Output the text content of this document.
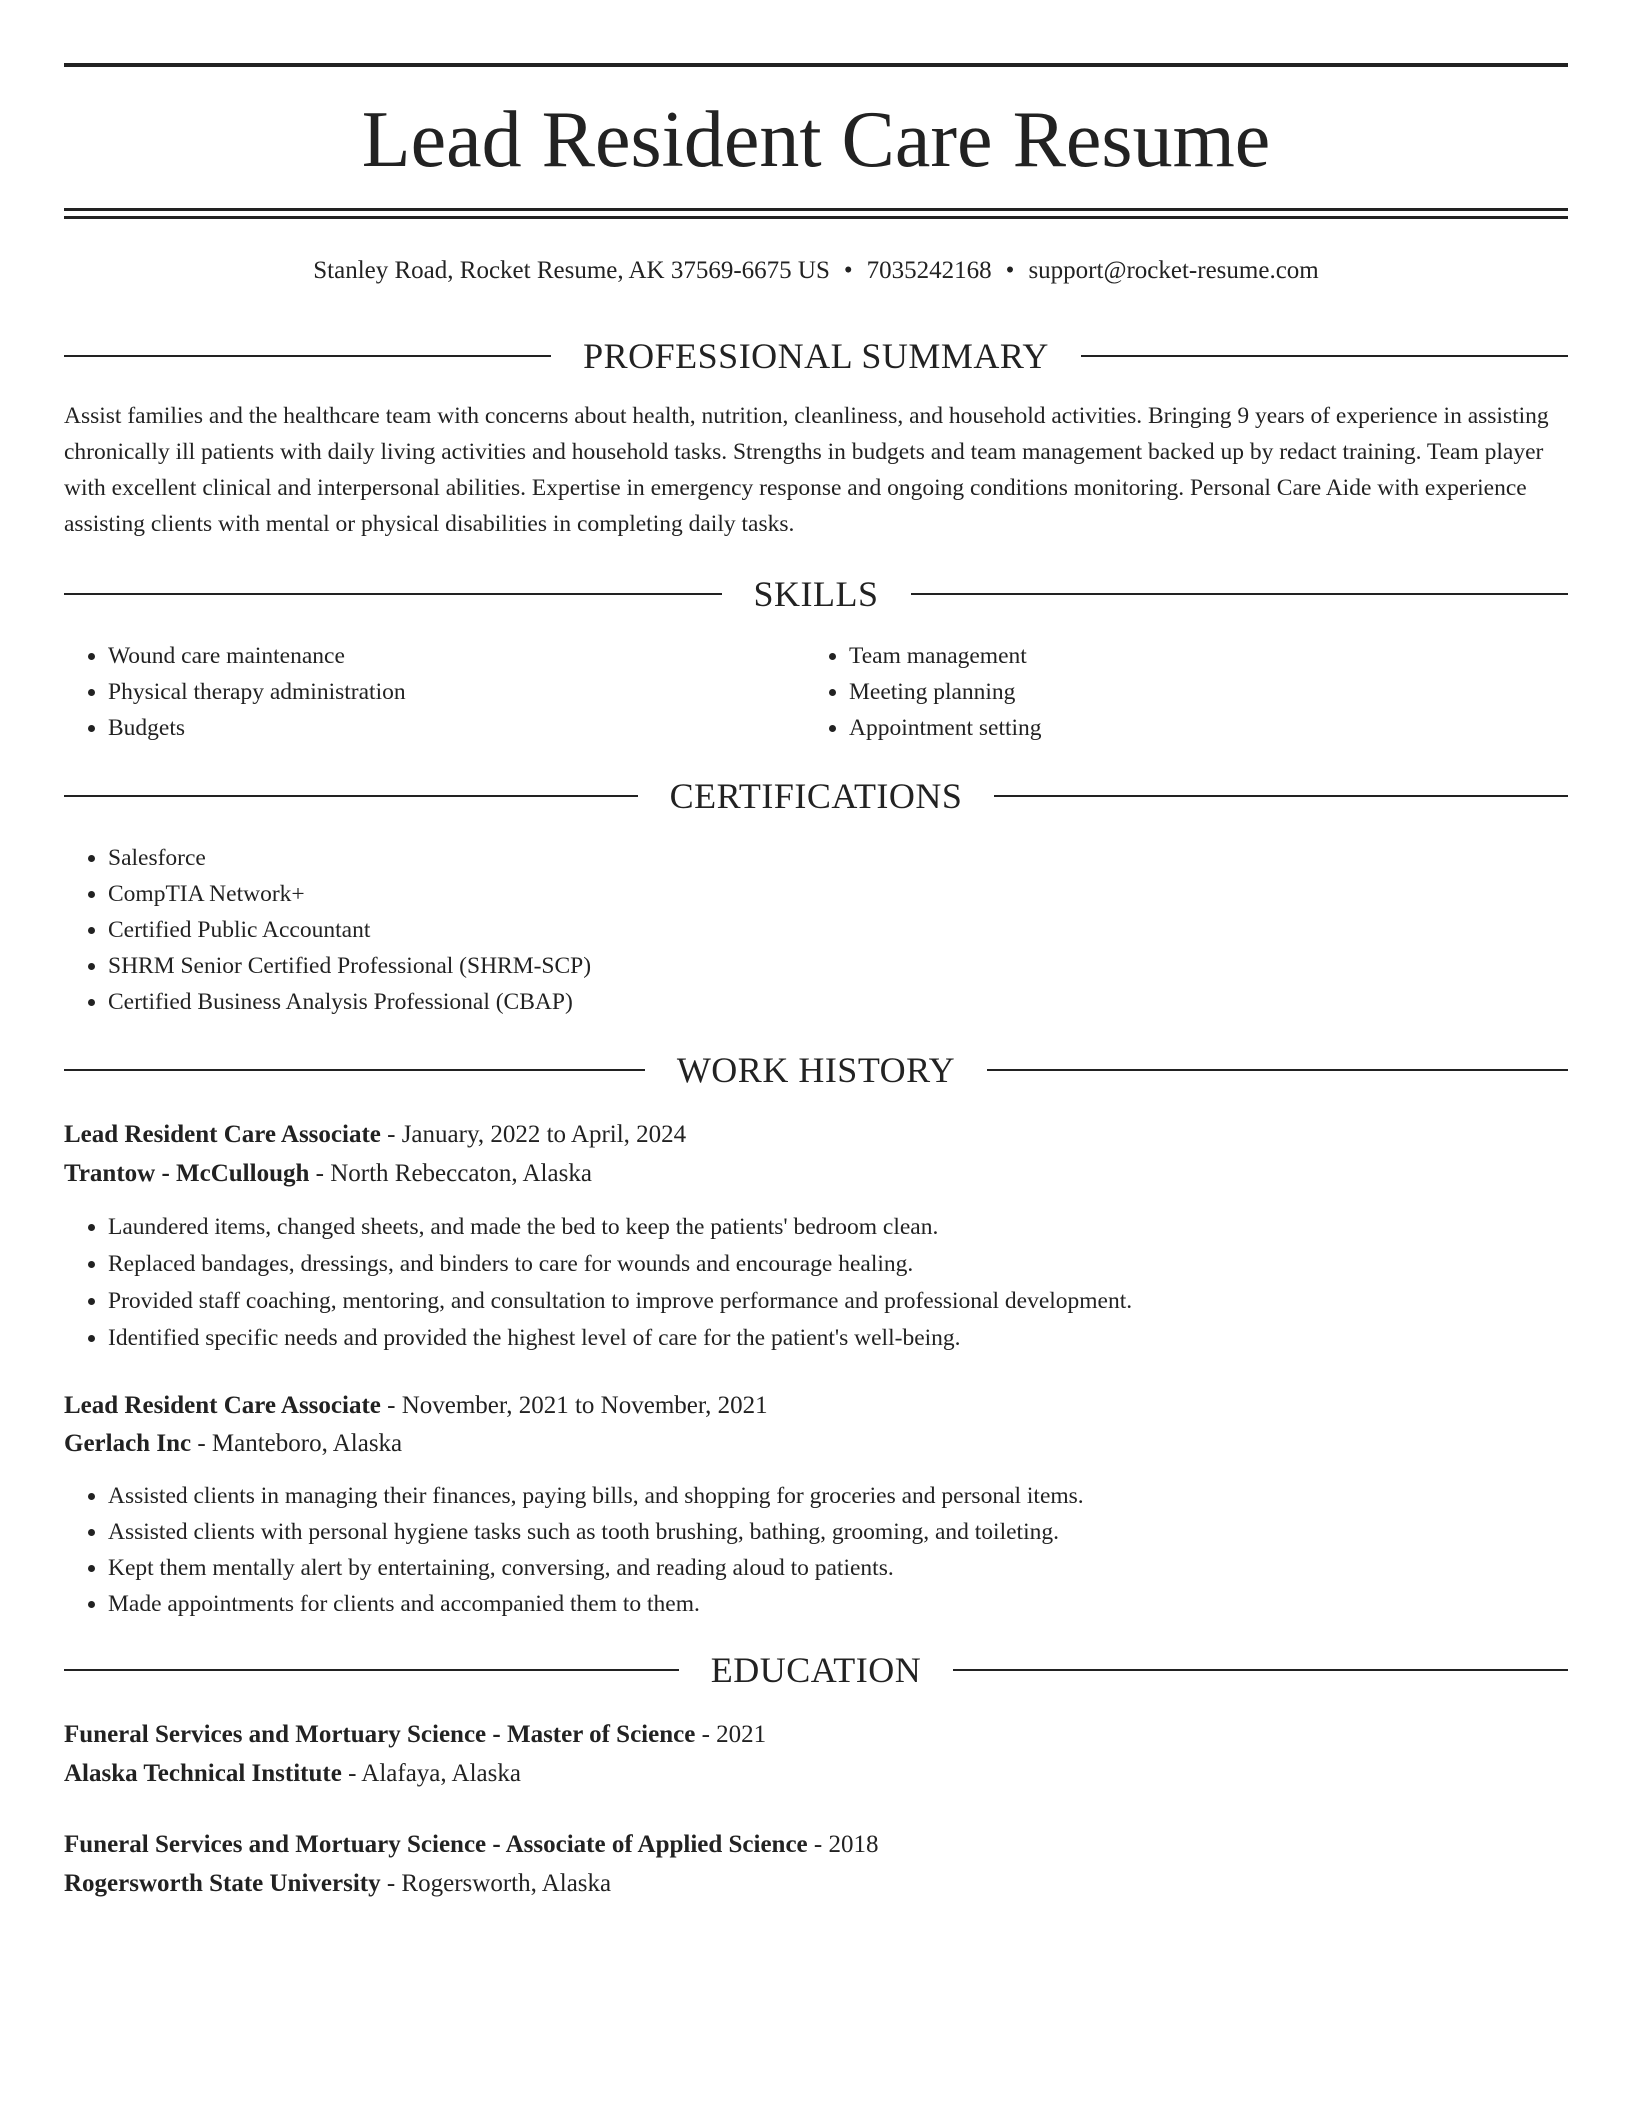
Lead Resident Care Resume
Stanley Road, Rocket Resume, AK 37569-6675 US • 7035242168 • support@rocket-resume.com
PROFESSIONAL SUMMARY

Assist families and the healthcare team with concerns about health, nutrition, cleanliness, and household activities. Bringing 9 years of experience in assisting chronically ill patients with daily living activities and household tasks. Strengths in budgets and team management backed up by redact training. Team player with excellent clinical and interpersonal abilities. Expertise in emergency response and ongoing conditions monitoring. Personal Care Aide with experience assisting clients with mental or physical disabilities in completing daily tasks.

SKILLS
• Wound care maintenance
• Physical therapy administration
• Budgets
• Team management
• Meeting planning
• Appointment setting
CERTIFICATIONS
• Salesforce
• CompTIA Network+
• Certified Public Accountant
• SHRM Senior Certified Professional (SHRM-SCP)
• Certified Business Analysis Professional (CBAP)
WORK HISTORY
Lead Resident Care Associate - January, 2022 to April, 2024
Trantow - McCullough - North Rebeccaton, Alaska
• Laundered items, changed sheets, and made the bed to keep the patients' bedroom clean.
• Replaced bandages, dressings, and binders to care for wounds and encourage healing.
• Provided staff coaching, mentoring, and consultation to improve performance and professional development.
• Identified specific needs and provided the highest level of care for the patient's well-being.
Lead Resident Care Associate - November, 2021 to November, 2021
Gerlach Inc - Manteboro, Alaska
• Assisted clients in managing their finances, paying bills, and shopping for groceries and personal items.
• Assisted clients with personal hygiene tasks such as tooth brushing, bathing, grooming, and toileting.
• Kept them mentally alert by entertaining, conversing, and reading aloud to patients.
• Made appointments for clients and accompanied them to them.
EDUCATION
Funeral Services and Mortuary Science - Master of Science - 2021
Alaska Technical Institute - Alafaya, Alaska
Funeral Services and Mortuary Science - Associate of Applied Science - 2018
Rogersworth State University - Rogersworth, Alaska
